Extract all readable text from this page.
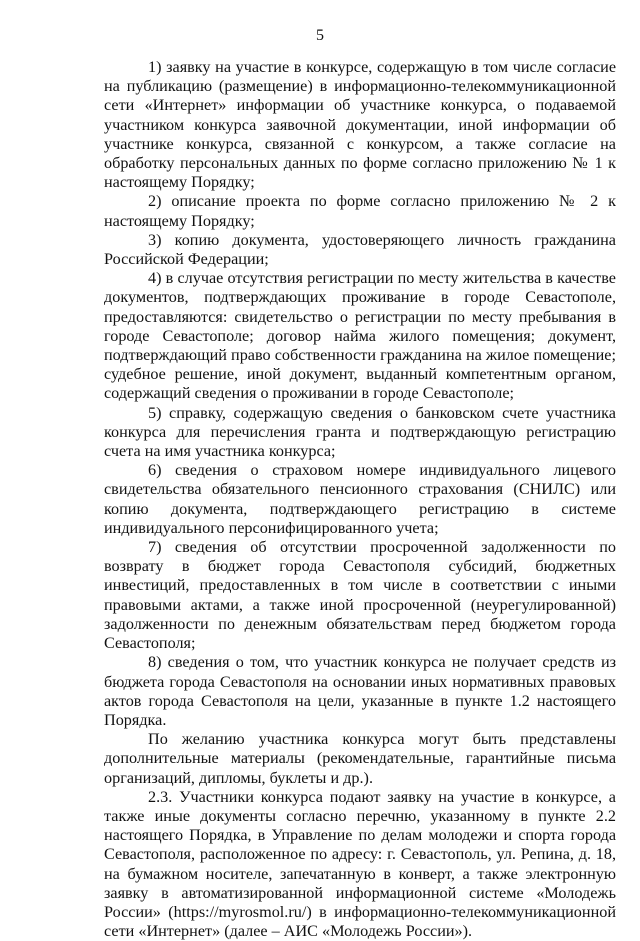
5

1) заявку на участие в конкурсе, содержащую в том числе согласие на публикацию (размещение) в информационно-телекоммуникационной сети «Интернет» информации об участнике конкурса, о подаваемой участником конкурса заявочной документации, иной информации об участнике конкурса, связанной с конкурсом, а также согласие на обработку персональных данных по форме согласно приложению № 1 к настоящему Порядку;

2) описание проекта по форме согласно приложению № 2 к настоящему Порядку;

3) копию документа, удостоверяющего личность гражданина Российской Федерации;

4) в случае отсутствия регистрации по месту жительства в качестве документов, подтверждающих проживание в городе Севастополе, предоставляются: свидетельство о регистрации по месту пребывания в городе Севастополе; договор найма жилого помещения; документ, подтверждающий право собственности гражданина на жилое помещение; судебное решение, иной документ, выданный компетентным органом, содержащий сведения о проживании в городе Севастополе;

5) справку, содержащую сведения о банковском счете участника конкурса для перечисления гранта и подтверждающую регистрацию счета на имя участника конкурса;

6) сведения о страховом номере индивидуального лицевого свидетельства обязательного пенсионного страхования (СНИЛС) или копию документа, подтверждающего регистрацию в системе индивидуального персонифицированного учета;

7) сведения об отсутствии просроченной задолженности по возврату в бюджет города Севастополя субсидий, бюджетных инвестиций, предоставленных в том числе в соответствии с иными правовыми актами, а также иной просроченной (неурегулированной) задолженности по денежным обязательствам перед бюджетом города Севастополя;

8) сведения о том, что участник конкурса не получает средств из бюджета города Севастополя на основании иных нормативных правовых актов города Севастополя на цели, указанные в пункте 1.2 настоящего Порядка.

По желанию участника конкурса могут быть представлены дополнительные материалы (рекомендательные, гарантийные письма организаций, дипломы, буклеты и др.).

2.3. Участники конкурса подают заявку на участие в конкурсе, а также иные документы согласно перечню, указанному в пункте 2.2 настоящего Порядка, в Управление по делам молодежи и спорта города Севастополя, расположенное по адресу: г. Севастополь, ул. Репина, д. 18, на бумажном носителе, запечатанную в конверт, а также электронную заявку в автоматизированной информационной системе «Молодежь России» (https://myrosmol.ru/) в информационно-телекоммуникационной сети «Интернет» (далее – АИС «Молодежь России»).
